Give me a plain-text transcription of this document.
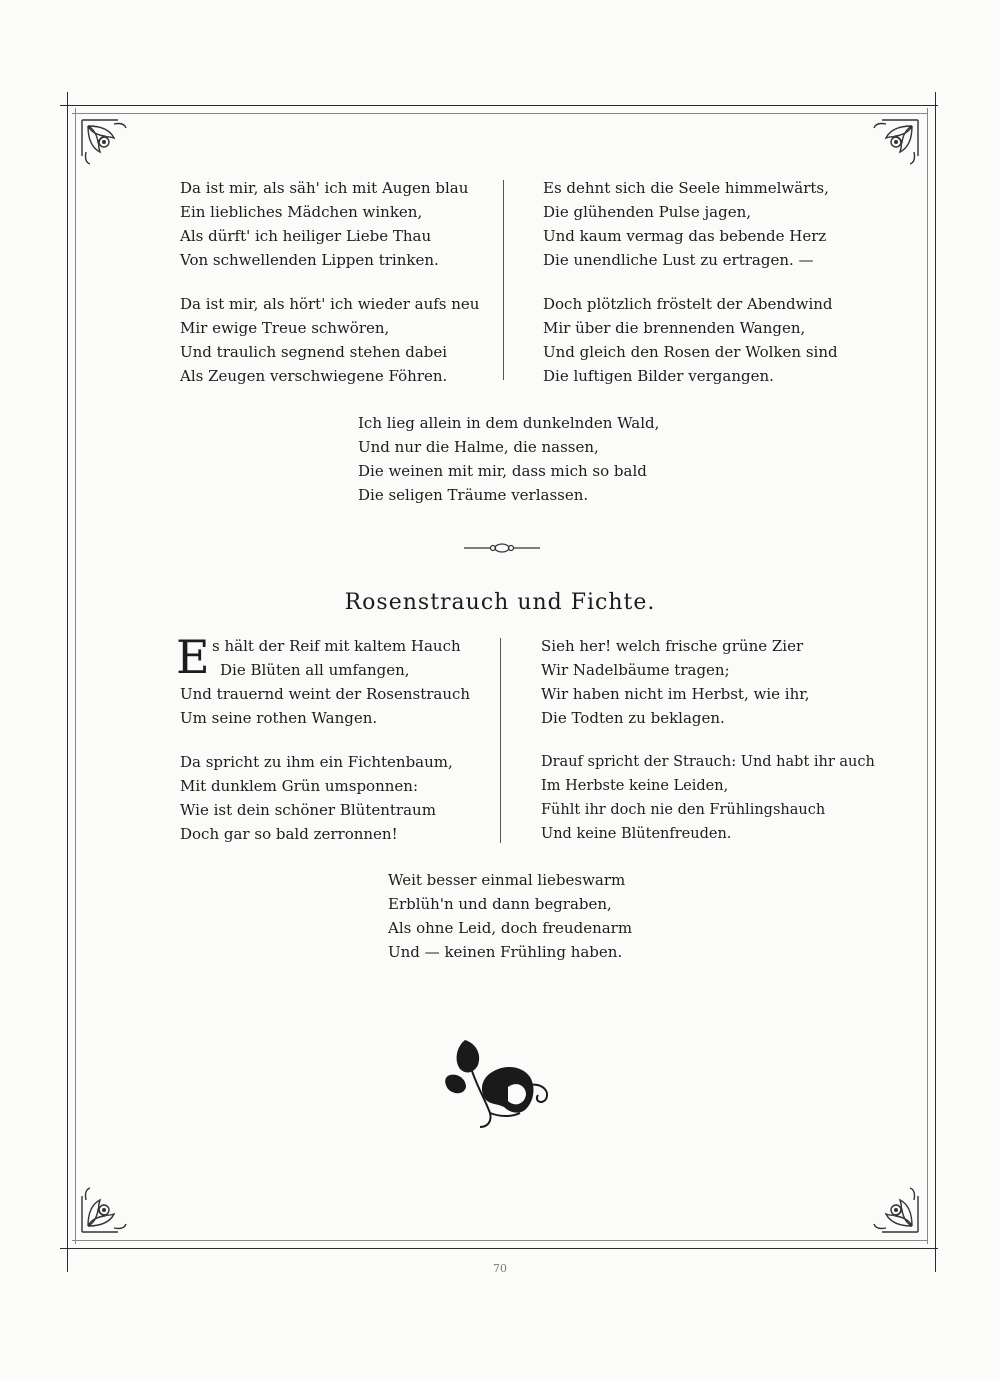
Da ist mir, als säh' ich mit Augen blau
Ein liebliches Mädchen winken,
Als dürft' ich heiliger Liebe Thau
Von schwellenden Lippen trinken.
Da ist mir, als hört' ich wieder aufs neu
Mir ewige Treue schwören,
Und traulich segnend stehen dabei
Als Zeugen verschwiegene Föhren.
Es dehnt sich die Seele himmelwärts,
Die glühenden Pulse jagen,
Und kaum vermag das bebende Herz
Die unendliche Lust zu ertragen. —
Doch plötzlich fröstelt der Abendwind
Mir über die brennenden Wangen,
Und gleich den Rosen der Wolken sind
Die luftigen Bilder vergangen.
Ich lieg allein in dem dunkelnden Wald,
Und nur die Halme, die nassen,
Die weinen mit mir, dass mich so bald
Die seligen Träume verlassen.
Rosenstrauch und Fichte.
E s hält der Reif mit kaltem Hauch
Die Blüten all umfangen,
Und trauernd weint der Rosenstrauch
Um seine rothen Wangen.
Da spricht zu ihm ein Fichtenbaum,
Mit dunklem Grün umsponnen:
Wie ist dein schöner Blütentraum
Doch gar so bald zerronnen!
Sieh her! welch frische grüne Zier
Wir Nadelbäume tragen;
Wir haben nicht im Herbst, wie ihr,
Die Todten zu beklagen.
Drauf spricht der Strauch: Und habt ihr auch
Im Herbste keine Leiden,
Fühlt ihr doch nie den Frühlingshauch
Und keine Blütenfreuden.
Weit besser einmal liebeswarm
Erblüh'n und dann begraben,
Als ohne Leid, doch freudenarm
Und — keinen Frühling haben.
70
